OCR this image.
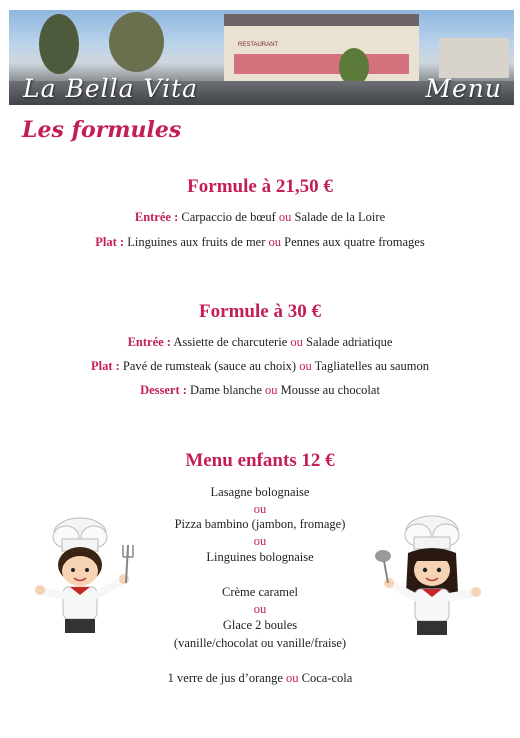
RESTAURANT
La Bella Vita	Menu
Les formules
Formule à 21,50 €
Entrée : Carpaccio de bœuf ou Salade de la Loire
Plat : Linguines aux fruits de mer ou Pennes aux quatre fromages
Formule à 30 €
Entrée : Assiette de charcuterie ou Salade adriatique
Plat : Pavé de rumsteak (sauce au choix) ou Tagliatelles au saumon
Dessert : Dame blanche ou Mousse au chocolat
Menu enfants 12 €
Lasagne bolognaise
ou
Pizza bambino (jambon, fromage)
ou
Linguines bolognaise
Crème caramel
ou
Glace 2 boules
(vanille/chocolat ou vanille/fraise)
1 verre de jus d’orange ou Coca-cola
